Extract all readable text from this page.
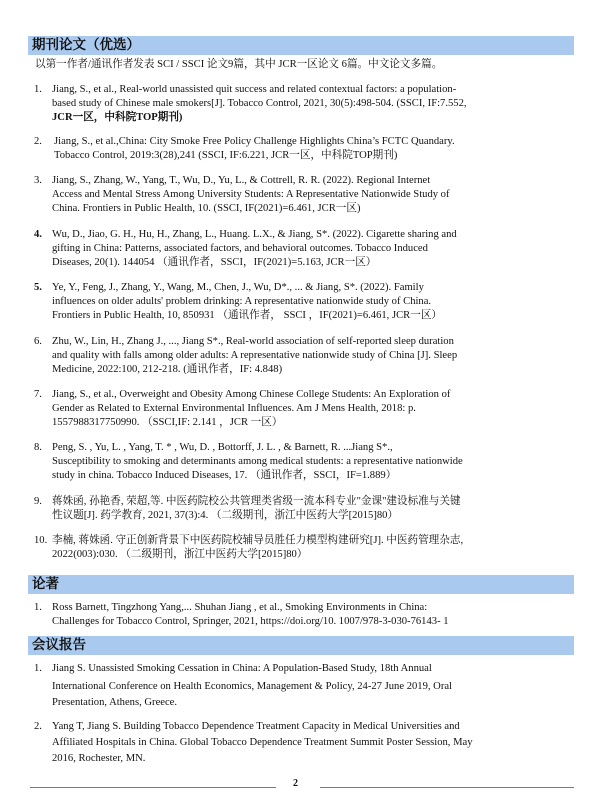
期刊论文（优选）
以第一作者/通讯作者发表 SCI / SSCI 论文9篇，其中 JCR一区论文 6篇。中文论文多篇。
1. Jiang, S., et al., Real-world unassisted quit success and related contextual factors: a population-
based study of Chinese male smokers[J]. Tobacco Control, 2021, 30(5):498-504. (SSCI, IF:7.552,
JCR一区，中科院TOP期刊)
2. Jiang, S., et al.,China: City Smoke Free Policy Challenge Highlights China’s FCTC Quandary.
Tobacco Control, 2019:3(28),241 (SSCI, IF:6.221, JCR一区，中科院TOP期刊)
3. Jiang, S., Zhang, W., Yang, T., Wu, D., Yu, L., & Cottrell, R. R. (2022). Regional Internet
Access and Mental Stress Among University Students: A Representative Nationwide Study of
China. Frontiers in Public Health, 10. (SSCI, IF(2021)=6.461, JCR一区)
4. Wu, D., Jiao, G. H., Hu, H., Zhang, L., Huang. L.X., & Jiang, S*. (2022). Cigarette sharing and
gifting in China: Patterns, associated factors, and behavioral outcomes. Tobacco Induced
Diseases, 20(1). 144054 （通讯作者，SSCI，IF(2021)=5.163, JCR一区）
5. Ye, Y., Feng, J., Zhang, Y., Wang, M., Chen, J., Wu, D*., ... & Jiang, S*. (2022). Family
influences on older adults' problem drinking: A representative nationwide study of China.
Frontiers in Public Health, 10, 850931 （通讯作者， SSCI ，IF(2021)=6.461, JCR一区）
6. Zhu, W., Lin, H., Zhang J., ..., Jiang S*., Real-world association of self-reported sleep duration
and quality with falls among older adults: A representative nationwide study of China [J]. Sleep
Medicine, 2022:100, 212-218. (通讯作者，IF: 4.848)
7. Jiang, S., et al., Overweight and Obesity Among Chinese College Students: An Exploration of
Gender as Related to External Environmental Influences. Am J Mens Health, 2018: p.
1557988317750990. （SSCI,IF: 2.141 ，JCR 一区）
8. Peng, S. , Yu, L. , Yang, T. * , Wu, D. , Bottorff, J. L. , & Barnett, R. ...Jiang S*.,
Susceptibility to smoking and determinants among medical students: a representative nationwide
study in china. Tobacco Induced Diseases, 17. （通讯作者，SSCI，IF=1.889）
9. 蒋姝函, 孙艳香, 荣超,等. 中医药院校公共管理类省级一流本科专业"金课"建设标准与关键
性议题[J]. 药学教育, 2021, 37(3):4. （二级期刊，浙江中医药大学[2015]80）
10. 李楠, 蒋姝函. 守正创新背景下中医药院校辅导员胜任力模型构建研究[J]. 中医药管理杂志,
2022(003):030. （二级期刊，浙江中医药大学[2015]80）
论著
1. Ross Barnett, Tingzhong Yang,... Shuhan Jiang , et al., Smoking Environments in China:
Challenges for Tobacco Control, Springer, 2021, https://doi.org/10. 1007/978-3-030-76143- 1
会议报告
1. Jiang S. Unassisted Smoking Cessation in China: A Population-Based Study, 18th Annual
International Conference on Health Economics, Management & Policy, 24-27 June 2019, Oral
Presentation, Athens, Greece.
2. Yang T, Jiang S. Building Tobacco Dependence Treatment Capacity in Medical Universities and
Affiliated Hospitals in China. Global Tobacco Dependence Treatment Summit Poster Session, May
2016, Rochester, MN.
2
